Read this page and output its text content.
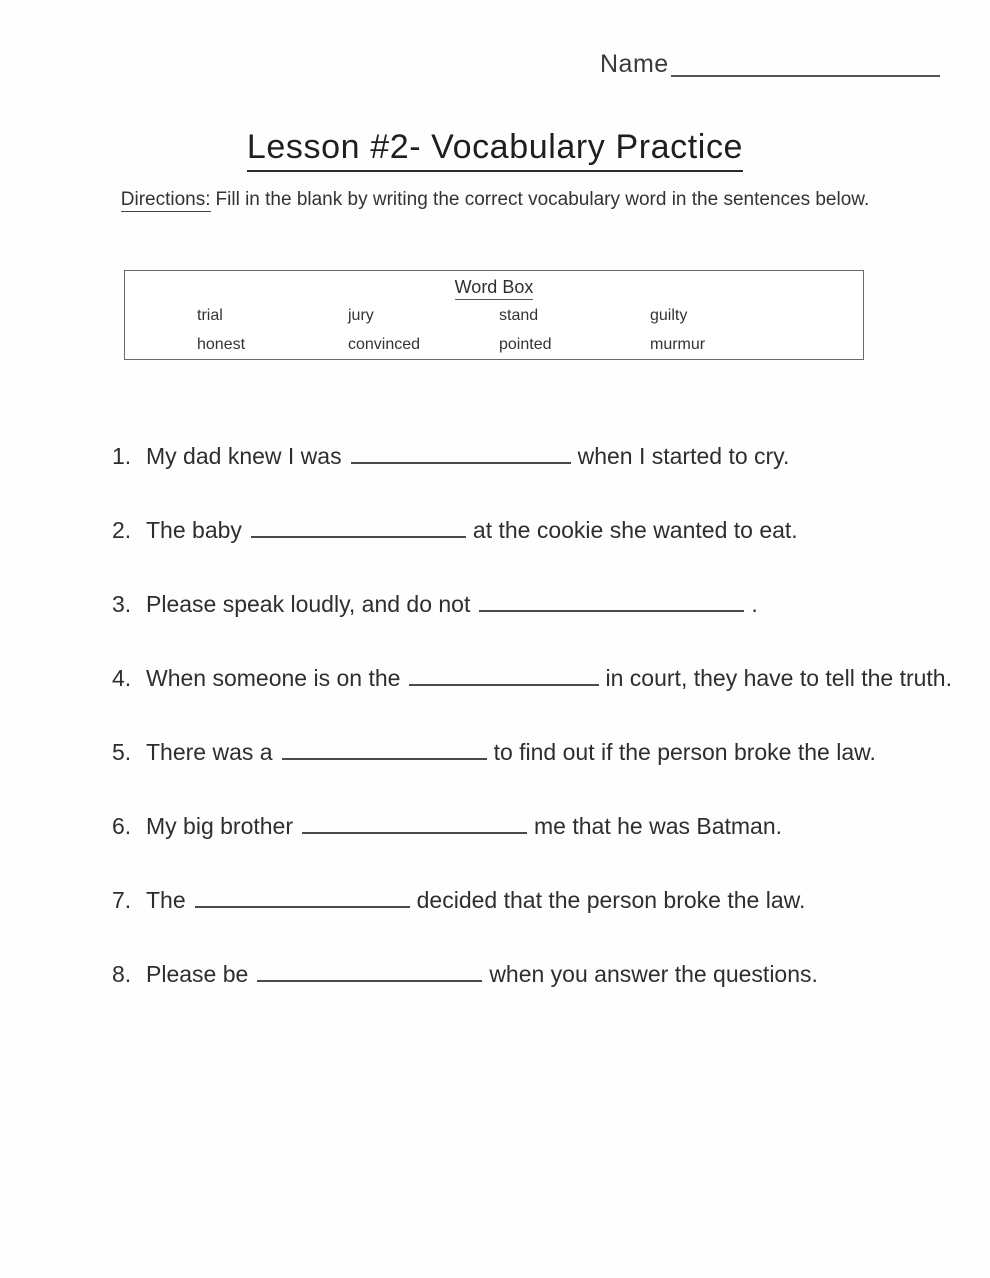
Name
Lesson #2- Vocabulary Practice
Directions: Fill in the blank by writing the correct vocabulary word in the sentences below.
Word Box
trial	jury	stand	guilty
honest	convinced	pointed	murmur
1. My dad knew I was	when I started to cry.
2. The baby	at the cookie she wanted to eat.
3. Please speak loudly, and do not	.
4. When someone is on the	in court, they have to tell the truth.
5. There was a	to find out if the person broke the law.
6. My big brother	me that he was Batman.
7. The	decided that the person broke the law.
8. Please be	when you answer the questions.
